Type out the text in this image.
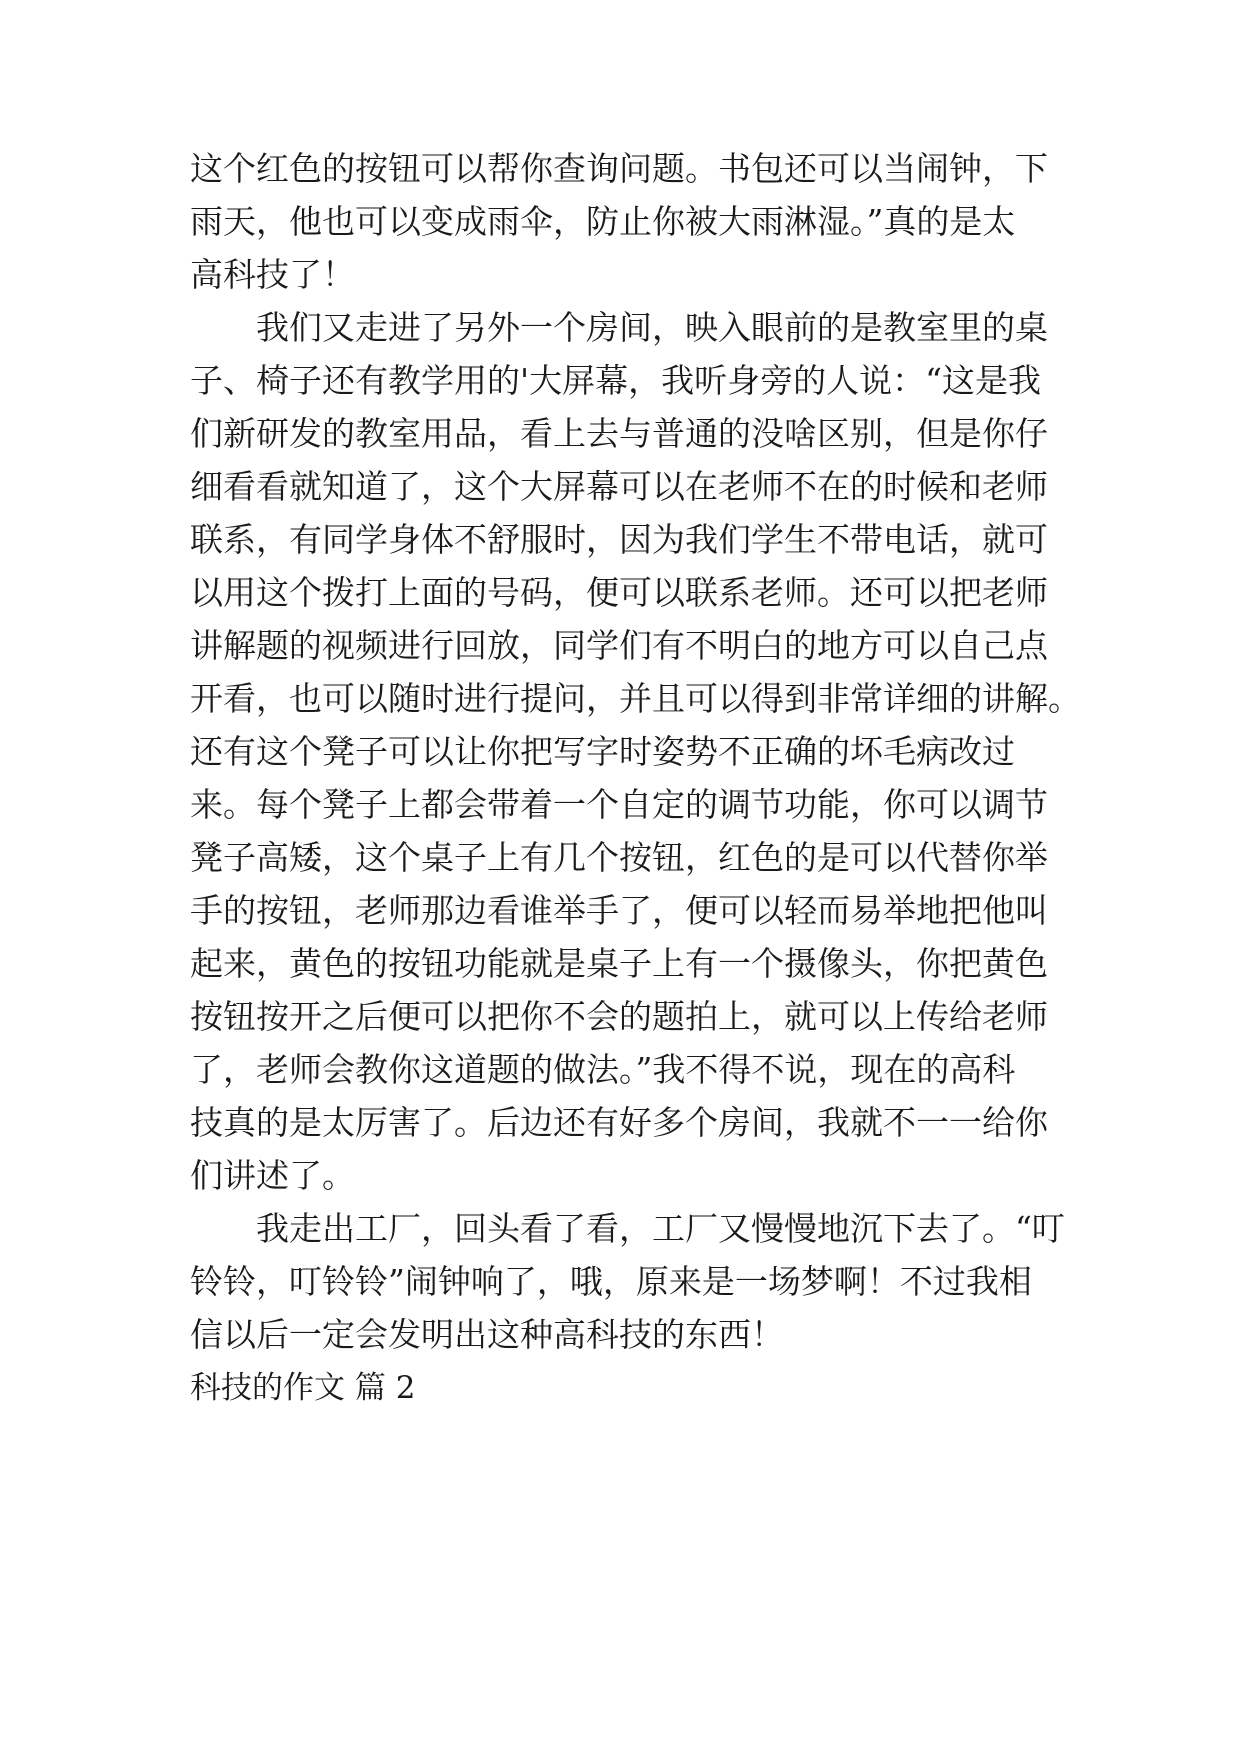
这个红色的按钮可以帮你查询问题。书包还可以当闹钟，下
雨天，他也可以变成雨伞，防止你被大雨淋湿。”真的是太
高科技了！
我们又走进了另外一个房间，映入眼前的是教室里的桌
子、椅子还有教学用的'大屏幕，我听身旁的人说：“这是我
们新研发的教室用品，看上去与普通的没啥区别，但是你仔
细看看就知道了，这个大屏幕可以在老师不在的时候和老师
联系，有同学身体不舒服时，因为我们学生不带电话，就可
以用这个拨打上面的号码，便可以联系老师。还可以把老师
讲解题的视频进行回放，同学们有不明白的地方可以自己点
开看，也可以随时进行提问，并且可以得到非常详细的讲解。
还有这个凳子可以让你把写字时姿势不正确的坏毛病改过
来。每个凳子上都会带着一个自定的调节功能，你可以调节
凳子高矮，这个桌子上有几个按钮，红色的是可以代替你举
手的按钮，老师那边看谁举手了，便可以轻而易举地把他叫
起来，黄色的按钮功能就是桌子上有一个摄像头，你把黄色
按钮按开之后便可以把你不会的题拍上，就可以上传给老师
了，老师会教你这道题的做法。”我不得不说，现在的高科
技真的是太厉害了。后边还有好多个房间，我就不一一给你
们讲述了。
我走出工厂，回头看了看，工厂又慢慢地沉下去了。“叮
铃铃，叮铃铃”闹钟响了，哦，原来是一场梦啊！不过我相
信以后一定会发明出这种高科技的东西！
科技的作文 篇 2
